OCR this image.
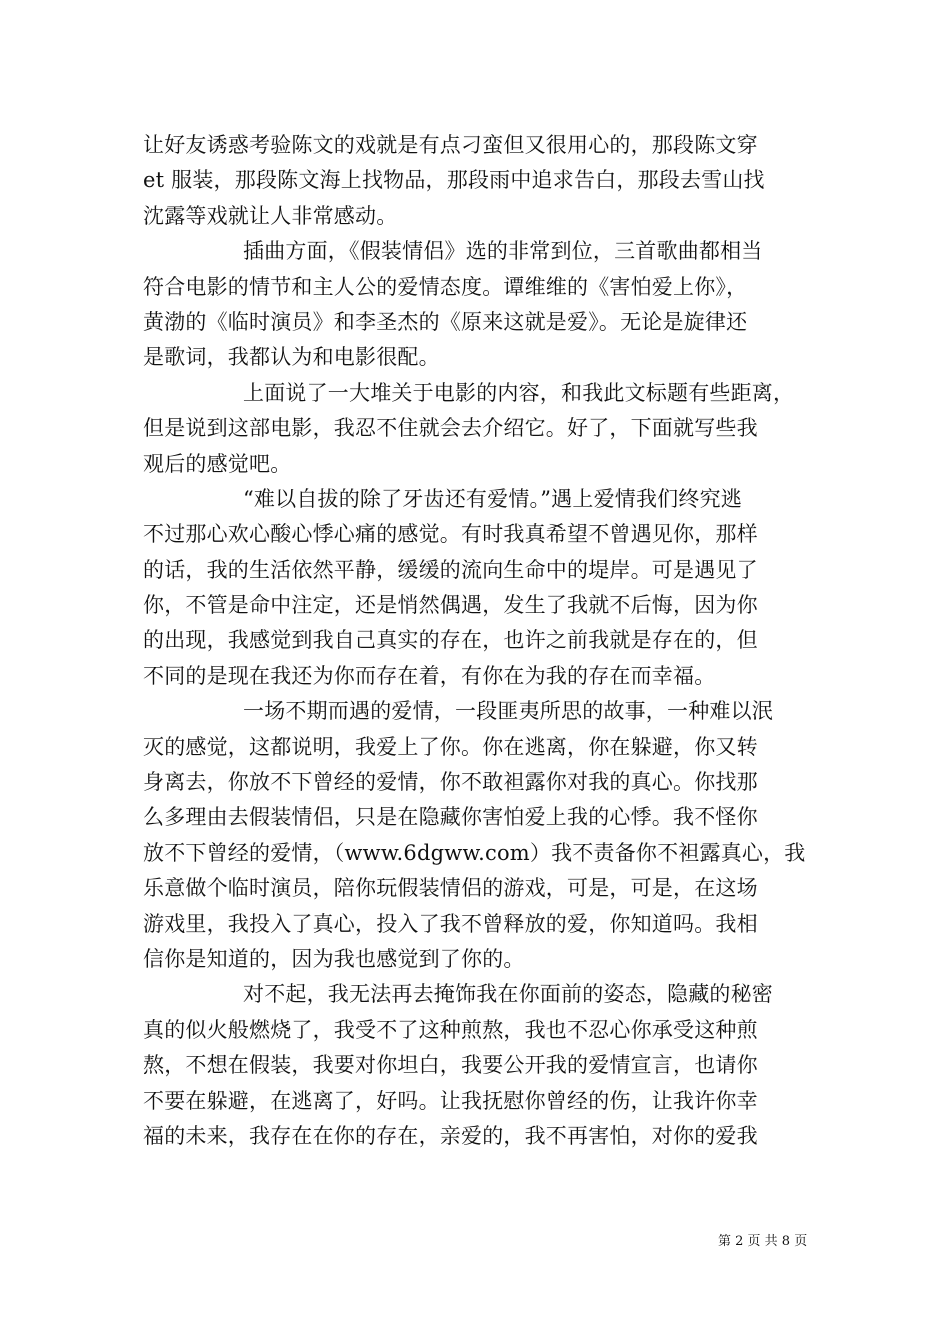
让好友诱惑考验陈文的戏就是有点刁蛮但又很用心的，那段陈文穿
et 服装，那段陈文海上找物品，那段雨中追求告白，那段去雪山找
沈露等戏就让人非常感动。
插曲方面，《假装情侣》选的非常到位，三首歌曲都相当
符合电影的情节和主人公的爱情态度。谭维维的《害怕爱上你》，
黄渤的《临时演员》和李圣杰的《原来这就是爱》。无论是旋律还
是歌词，我都认为和电影很配。
上面说了一大堆关于电影的内容，和我此文标题有些距离，
但是说到这部电影，我忍不住就会去介绍它。好了，下面就写些我
观后的感觉吧。
“难以自拔的除了牙齿还有爱情。”遇上爱情我们终究逃
不过那心欢心酸心悸心痛的感觉。有时我真希望不曾遇见你，那样
的话，我的生活依然平静，缓缓的流向生命中的堤岸。可是遇见了
你，不管是命中注定，还是悄然偶遇，发生了我就不后悔，因为你
的出现，我感觉到我自己真实的存在，也许之前我就是存在的，但
不同的是现在我还为你而存在着，有你在为我的存在而幸福。
一场不期而遇的爱情，一段匪夷所思的故事，一种难以泯
灭的感觉，这都说明，我爱上了你。你在逃离，你在躲避，你又转
身离去，你放不下曾经的爱情，你不敢袒露你对我的真心。你找那
么多理由去假装情侣，只是在隐藏你害怕爱上我的心悸。我不怪你
放不下曾经的爱情，（www.6dgww.com）我不责备你不袒露真心，我
乐意做个临时演员，陪你玩假装情侣的游戏，可是，可是，在这场
游戏里，我投入了真心，投入了我不曾释放的爱，你知道吗。我相
信你是知道的，因为我也感觉到了你的。
对不起，我无法再去掩饰我在你面前的姿态，隐藏的秘密
真的似火般燃烧了，我受不了这种煎熬，我也不忍心你承受这种煎
熬，不想在假装，我要对你坦白，我要公开我的爱情宣言，也请你
不要在躲避，在逃离了，好吗。让我抚慰你曾经的伤，让我许你幸
福的未来，我存在在你的存在，亲爱的，我不再害怕，对你的爱我
第 2 页 共 8 页
